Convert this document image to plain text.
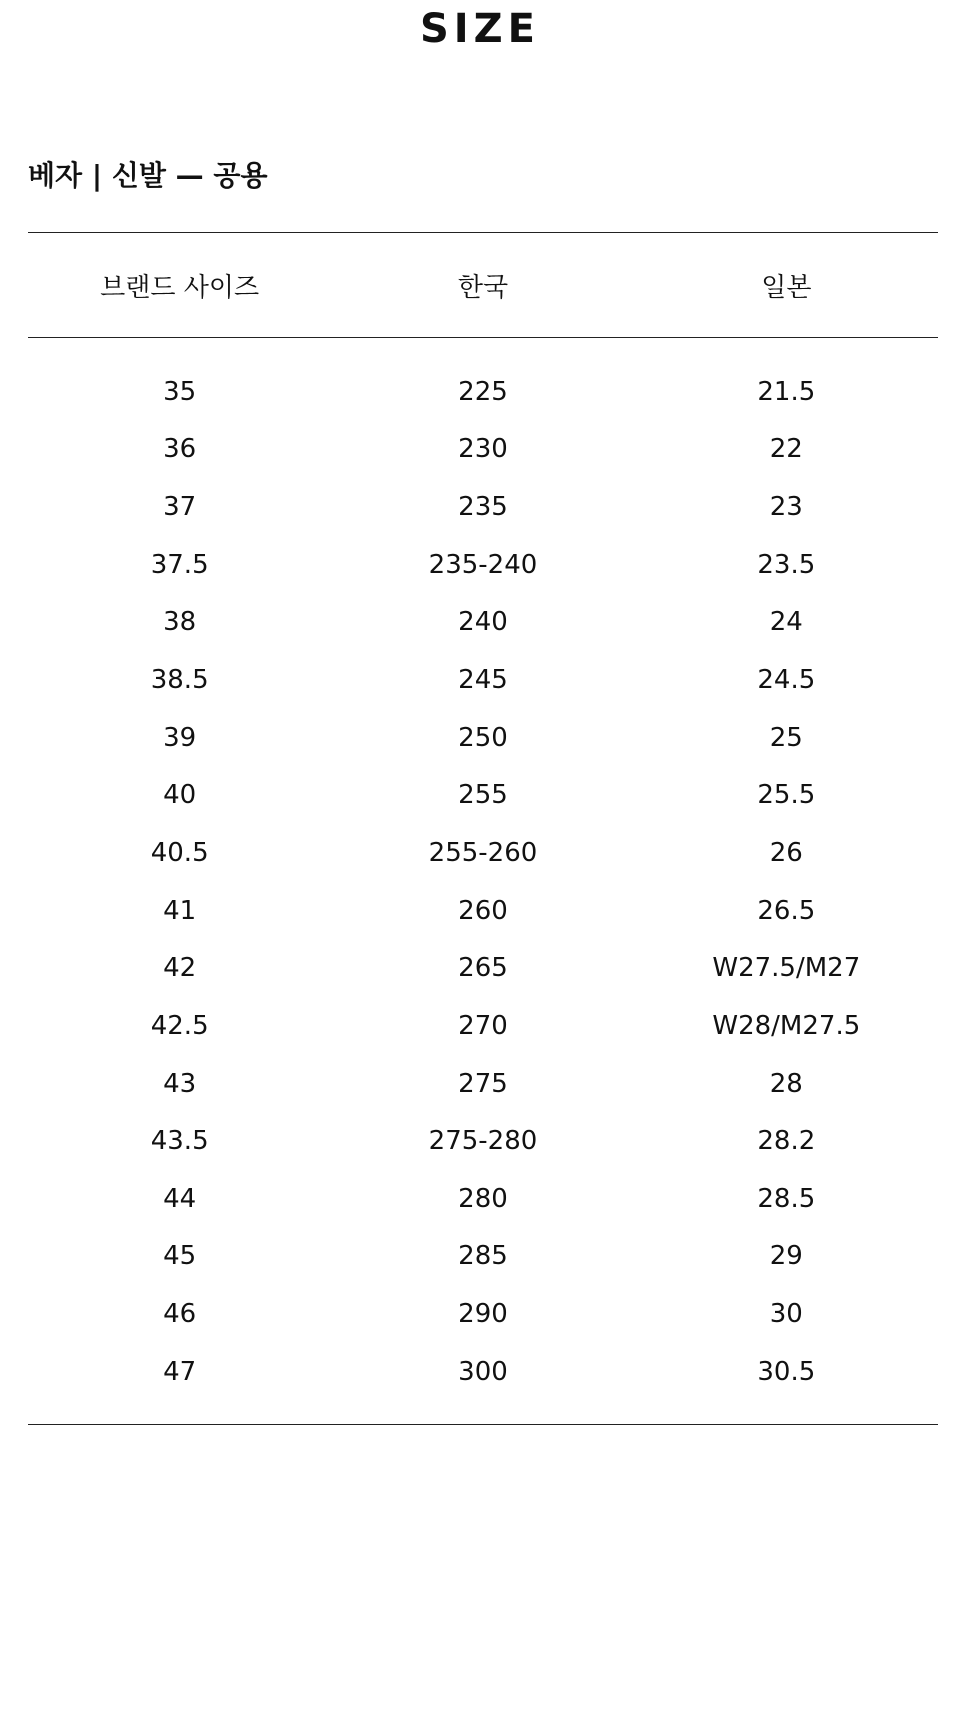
SIZE
베자 | 신발 — 공용
브랜드 사이즈	한국	일본
35	225	21.5
36	230	22
37	235	23
37.5	235-240	23.5
38	240	24
38.5	245	24.5
39	250	25
40	255	25.5
40.5	255-260	26
41	260	26.5
42	265	W27.5/M27
42.5	270	W28/M27.5
43	275	28
43.5	275-280	28.2
44	280	28.5
45	285	29
46	290	30
47	300	30.5
